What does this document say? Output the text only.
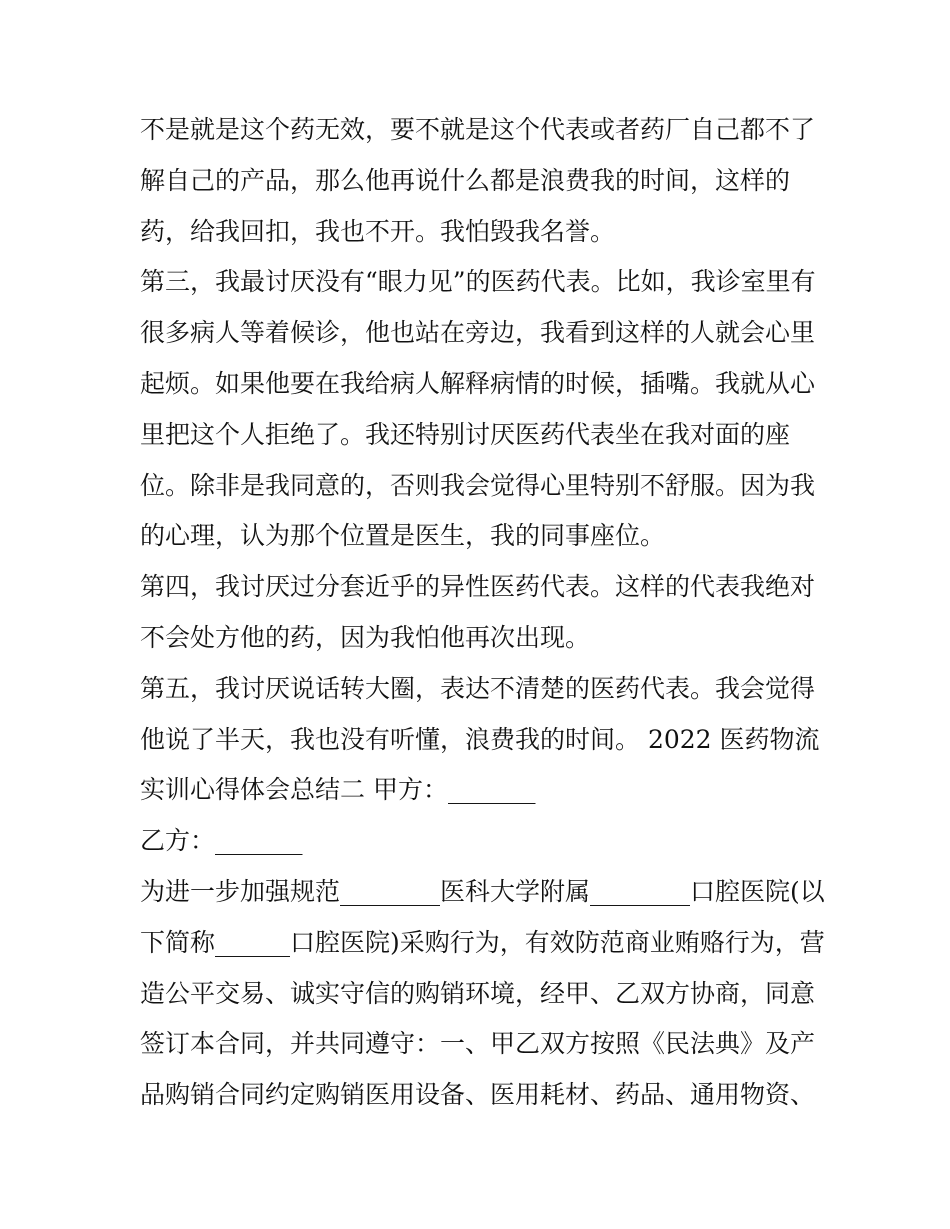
不是就是这个药无效，要不就是这个代表或者药厂自己都不了
解自己的产品，那么他再说什么都是浪费我的时间，这样的
药，给我回扣，我也不开。我怕毁我名誉。
第三，我最讨厌没有“眼力见”的医药代表。比如，我诊室里有
很多病人等着候诊，他也站在旁边，我看到这样的人就会心里
起烦。如果他要在我给病人解释病情的时候，插嘴。我就从心
里把这个人拒绝了。我还特别讨厌医药代表坐在我对面的座
位。除非是我同意的，否则我会觉得心里特别不舒服。因为我
的心理，认为那个位置是医生，我的同事座位。
第四，我讨厌过分套近乎的异性医药代表。这样的代表我绝对
不会处方他的药，因为我怕他再次出现。
第五，我讨厌说话转大圈，表达不清楚的医药代表。我会觉得
他说了半天，我也没有听懂，浪费我的时间。 2022 医药物流
实训心得体会总结二 甲方：_______
乙方：_______
为进一步加强规范________医科大学附属________口腔医院(以
下简称______口腔医院)采购行为，有效防范商业贿赂行为，营
造公平交易、诚实守信的购销环境，经甲、乙双方协商，同意
签订本合同，并共同遵守：一、甲乙双方按照《民法典》及产
品购销合同约定购销医用设备、医用耗材、药品、通用物资、
